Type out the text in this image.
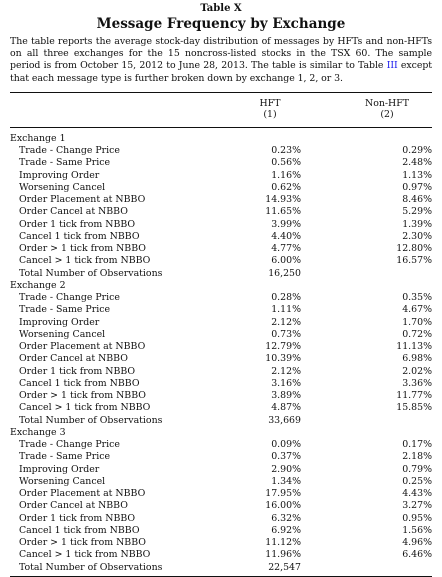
Table X
Message Frequency by Exchange
The table reports the average stock-day distribution of messages by HFTs and non-HFTs on all three exchanges for the 15 noncross-listed stocks in the TSX 60. The sample period is from October 15, 2012 to June 28, 2013. The table is similar to Table III except that each message type is further broken down by exchange 1, 2, or 3.
HFT
(1)
Non-HFT
(2)
Exchange 1
Trade - Change Price	0.23%	0.29%
Trade - Same Price	0.56%	2.48%
Improving Order	1.16%	1.13%
Worsening Cancel	0.62%	0.97%
Order Placement at NBBO	14.93%	8.46%
Order Cancel at NBBO	11.65%	5.29%
Order 1 tick from NBBO	3.99%	1.39%
Cancel 1 tick from NBBO	4.40%	2.30%
Order > 1 tick from NBBO	4.77%	12.80%
Cancel > 1 tick from NBBO	6.00%	16.57%
Total Number of Observations	16,250
Exchange 2
Trade - Change Price	0.28%	0.35%
Trade - Same Price	1.11%	4.67%
Improving Order	2.12%	1.70%
Worsening Cancel	0.73%	0.72%
Order Placement at NBBO	12.79%	11.13%
Order Cancel at NBBO	10.39%	6.98%
Order 1 tick from NBBO	2.12%	2.02%
Cancel 1 tick from NBBO	3.16%	3.36%
Order > 1 tick from NBBO	3.89%	11.77%
Cancel > 1 tick from NBBO	4.87%	15.85%
Total Number of Observations	33,669
Exchange 3
Trade - Change Price	0.09%	0.17%
Trade - Same Price	0.37%	2.18%
Improving Order	2.90%	0.79%
Worsening Cancel	1.34%	0.25%
Order Placement at NBBO	17.95%	4.43%
Order Cancel at NBBO	16.00%	3.27%
Order 1 tick from NBBO	6.32%	0.95%
Cancel 1 tick from NBBO	6.92%	1.56%
Order > 1 tick from NBBO	11.12%	4.96%
Cancel > 1 tick from NBBO	11.96%	6.46%
Total Number of Observations	22,547
